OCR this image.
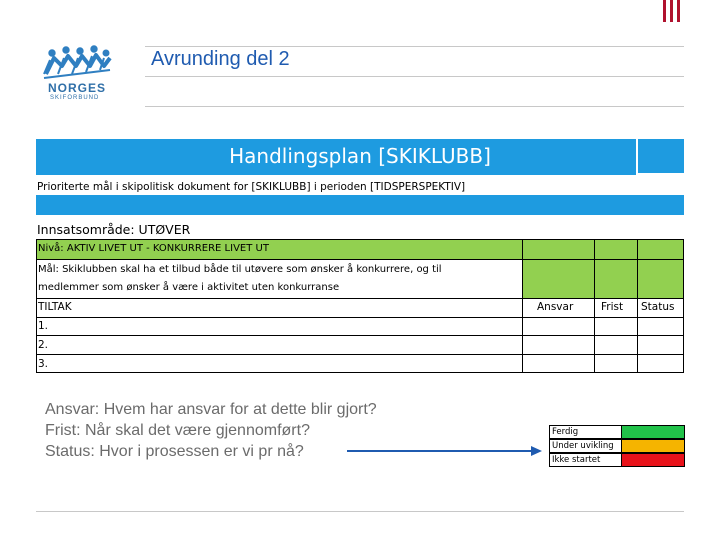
NORGES
SKIFORBUND
Avrunding del 2
Handlingsplan [SKIKLUBB]
Prioriterte mål i skipolitisk dokument for [SKIKLUBB] i perioden [TIDSPERSPEKTIV]
Innsatsområde: UTØVER
Nivå: AKTIV LIVET UT - KONKURRERE LIVET UT
Mål: Skiklubben skal ha et tilbud både til utøvere som ønsker å konkurrere, og til
medlemmer som ønsker å være i aktivitet uten konkurranse
TILTAK	Ansvar	Frist Status
1.
2.
3.
Ansvar: Hvem har ansvar for at dette blir gjort?
Frist: Når skal det være gjennomført?
Status: Hvor i prosessen er vi pr nå?
Ferdig
Under uvikling
Ikke startet
